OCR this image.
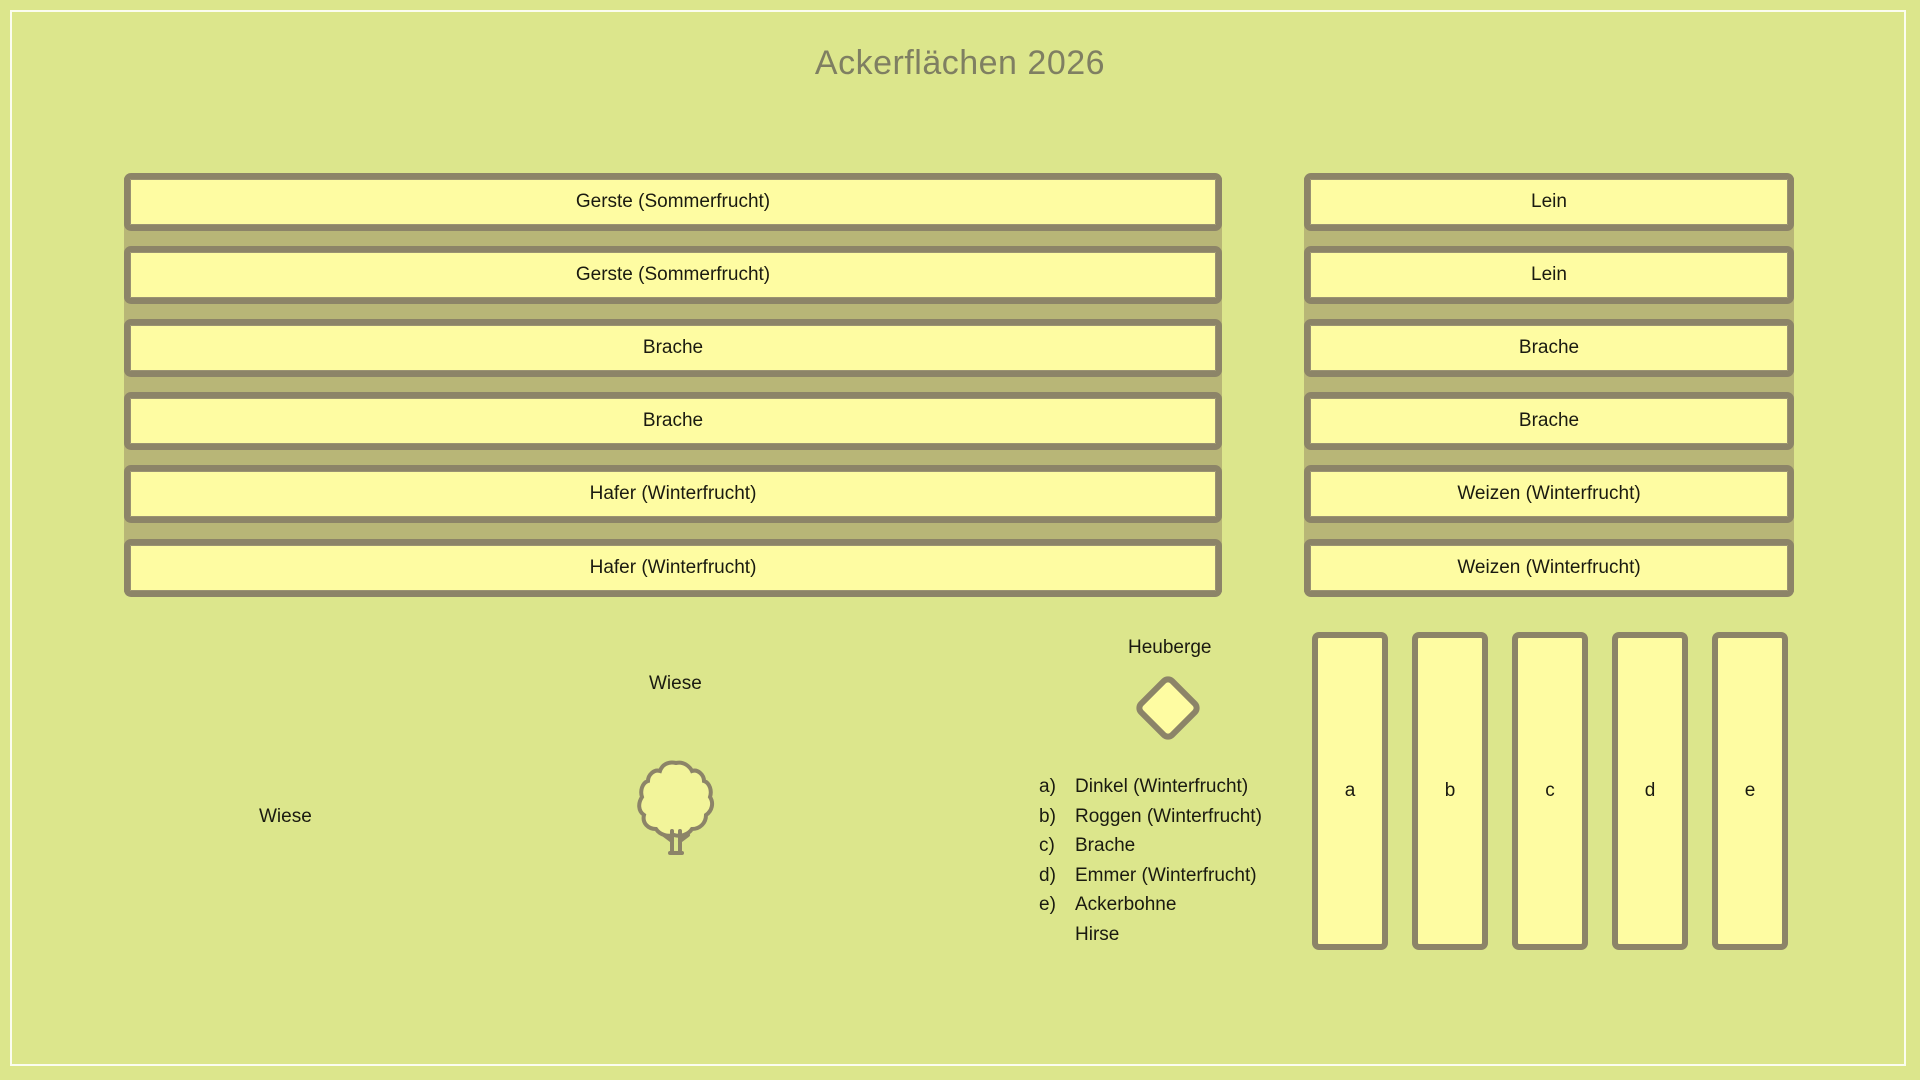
Ackerflächen 2026
Gerste (Sommerfrucht)
Gerste (Sommerfrucht)
Brache
Brache
Hafer (Winterfrucht)
Hafer (Winterfrucht)
Lein
Lein
Brache
Brache
Weizen (Winterfrucht)
Weizen (Winterfrucht)
a	b	c	d	e
Wiese
Wiese
Heuberge
a)	Dinkel (Winterfrucht)
b)	Roggen (Winterfrucht)
c)	Brache
d)	Emmer (Winterfrucht)
e)	Ackerbohne
Hirse
